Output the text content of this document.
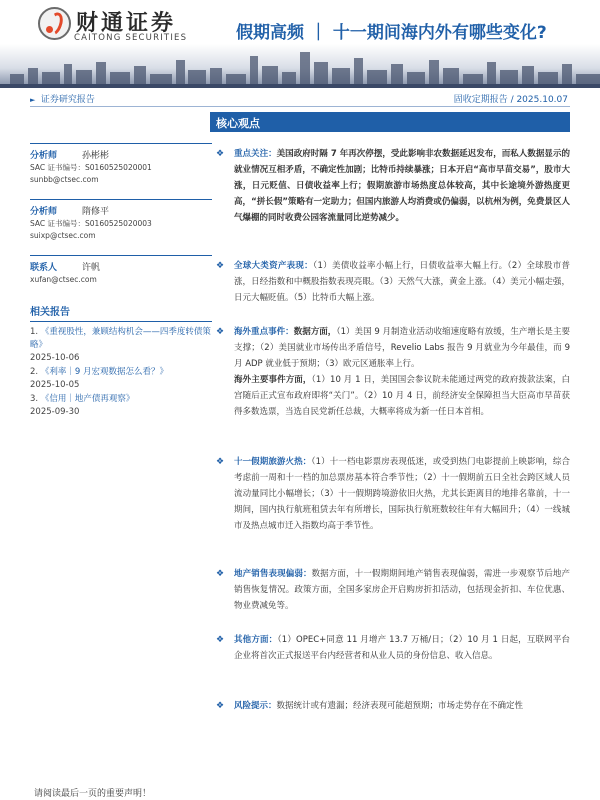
财通证券
CAITONG SECURITIES	假期高频 ｜ 十一期间海内外有哪些变化?
► 证券研究报告	固收定期报告 / 2025.10.07
分析师	孙彬彬
SAC 证书编号：S0160525020001
sunbb@ctsec.com
分析师	隋修平
SAC 证书编号：S0160525020003
suixp@ctsec.com
联系人	许帆
xufan@ctsec.com
相关报告
1. 《重视股性，兼顾结构机会——四季度转债策略》
2025-10-06
2. 《利率｜9 月宏观数据怎么看？》
2025-10-05
3. 《信用｜地产债再观察》
2025-09-30
核心观点
❖ 重点关注：美国政府时隔 7 年再次停摆，受此影响非农数据延迟发布，而私人数据显示的就业情况互相矛盾，不确定性加剧；比特币持续暴涨；日本开启“高市早苗交易”，股市大涨，日元贬值、日债收益率上行；假期旅游市场热度总体较高，其中长途境外游热度更高，“拼长假”策略有一定助力；但国内旅游人均消费或仍偏弱，以杭州为例，免费景区人气爆棚的同时收费公园客流量同比逆势减少。
❖ 全球大类资产表现：（1）美债收益率小幅上行，日债收益率大幅上行。（2）全球股市普涨，日经指数和中概股指数表现亮眼。（3）天然气大涨，黄金上涨。（4）美元小幅走强，日元大幅贬值。（5）比特币大幅上涨。
❖ 海外重点事件：数据方面，（1）美国 9 月制造业活动收缩速度略有放缓，生产增长是主要支撑；（2）美国就业市场传出矛盾信号，Revelio Labs 报告 9 月就业为今年最佳，而 9 月 ADP 就业低于预期；（3）欧元区通胀率上行。
海外主要事件方面，（1）10 月 1 日，美国国会参议院未能通过两党的政府拨款法案，白宫随后正式宣布政府即将“关门”。（2）10 月 4 日，前经济安全保障担当大臣高市早苗获得多数选票，当选自民党新任总裁，大概率将成为新一任日本首相。
❖ 十一假期旅游火热：（1）十一档电影票房表现低迷，或受到热门电影提前上映影响，综合考虑前一周和十一档的加总票房基本符合季节性；（2）十一假期前五日全社会跨区域人员流动量同比小幅增长；（3）十一假期跨境游依旧火热，尤其长距离目的地排名靠前，十一期间，国内执行航班租赁去年有所增长，国际执行航班数较往年有大幅回升；（4）一线城市及热点城市迁入指数均高于季节性。
❖ 地产销售表现偏弱：数据方面，十一假期期间地产销售表现偏弱，需进一步观察节后地产销售恢复情况。政策方面，全国多家房企开启购房折扣活动，包括现金折扣、车位优惠、物业费减免等。
❖ 其他方面：（1）OPEC+同意 11 月增产 13.7 万桶/日；（2）10 月 1 日起，互联网平台企业将首次正式报送平台内经营者和从业人员的身份信息、收入信息。
❖ 风险提示：数据统计或有遗漏；经济表现可能超预期；市场走势存在不确定性
请阅读最后一页的重要声明！
